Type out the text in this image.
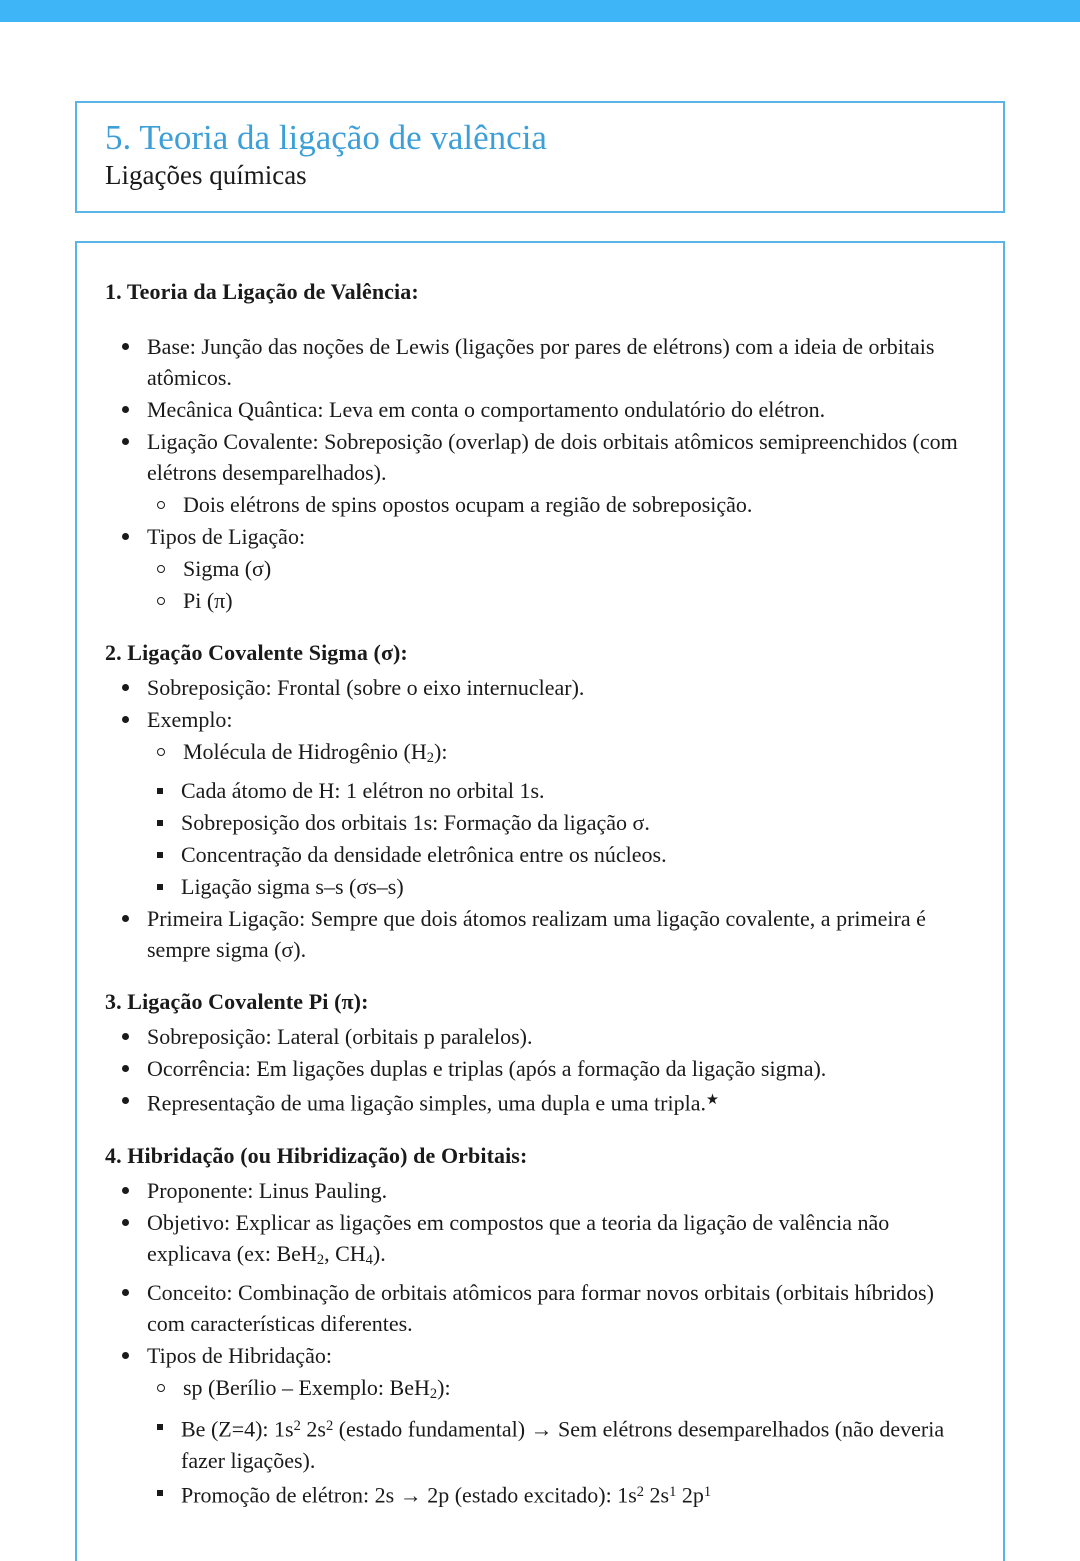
5. Teoria da ligação de valência
Ligações químicas
1. Teoria da Ligação de Valência:
Base: Junção das noções de Lewis (ligações por pares de elétrons) com a ideia de orbitais atômicos.
Mecânica Quântica: Leva em conta o comportamento ondulatório do elétron.
Ligação Covalente: Sobreposição (overlap) de dois orbitais atômicos semipreenchidos (com elétrons desemparelhados).
Dois elétrons de spins opostos ocupam a região de sobreposição.
Tipos de Ligação:
Sigma (σ)
Pi (π)
2. Ligação Covalente Sigma (σ):
Sobreposição: Frontal (sobre o eixo internuclear).
Exemplo:
Molécula de Hidrogênio $(H_2)$:
Cada átomo de H: 1 elétron no orbital 1s.
Sobreposição dos orbitais 1s: Formação da ligação σ.
Concentração da densidade eletrônica entre os núcleos.
Ligação sigma s–s (σs–s)
Primeira Ligação: Sempre que dois átomos realizam uma ligação covalente, a primeira é sempre sigma (σ).
3. Ligação Covalente Pi (π):
Sobreposição: Lateral (orbitais p paralelos).
Ocorrência: Em ligações duplas e triplas (após a formação da ligação sigma).
Representação de uma ligação simples, uma dupla e uma tripla.★
4. Hibridação (ou Hibridização) de Orbitais:
Proponente: Linus Pauling.
Objetivo: Explicar as ligações em compostos que a teoria da ligação de valência não explicava (ex: BeH$_2$, $CH_4$).
Conceito: Combinação de orbitais atômicos para formar novos orbitais (orbitais híbridos) com características diferentes.
Tipos de Hibridação:
sp (Berílio – Exemplo: BeH$_2$):
Be (Z=4): $1s^2$ $2s^2$ (estado fundamental) → Sem elétrons desemparelhados (não deveria fazer ligações).
Promoção de elétron: 2s → 2p (estado excitado): $1s^2$ $2s^1$ $2p^1$
